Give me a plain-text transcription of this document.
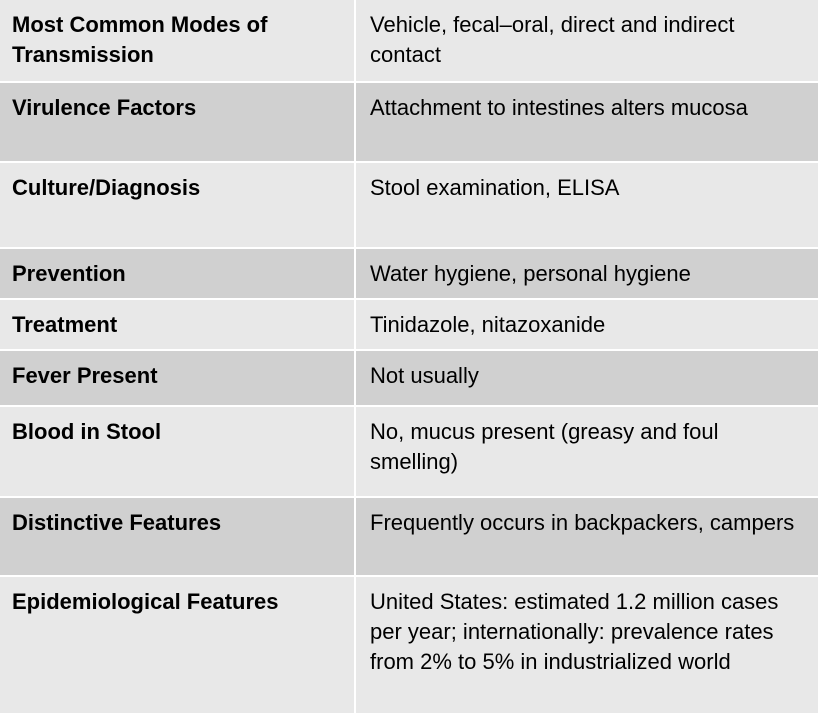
Most Common Modes of Transmission	Vehicle, fecal–oral, direct and indirect contact
Virulence Factors	Attachment to intestines alters mucosa
Culture/Diagnosis	Stool examination, ELISA
Prevention	Water hygiene, personal hygiene
Treatment	Tinidazole, nitazoxanide
Fever Present	Not usually
Blood in Stool	No, mucus present (greasy and foul smelling)
Distinctive Features	Frequently occurs in backpackers, campers
Epidemiological Features	United States: estimated 1.2 million cases per year; internationally: prevalence rates from 2% to 5% in industrialized world
